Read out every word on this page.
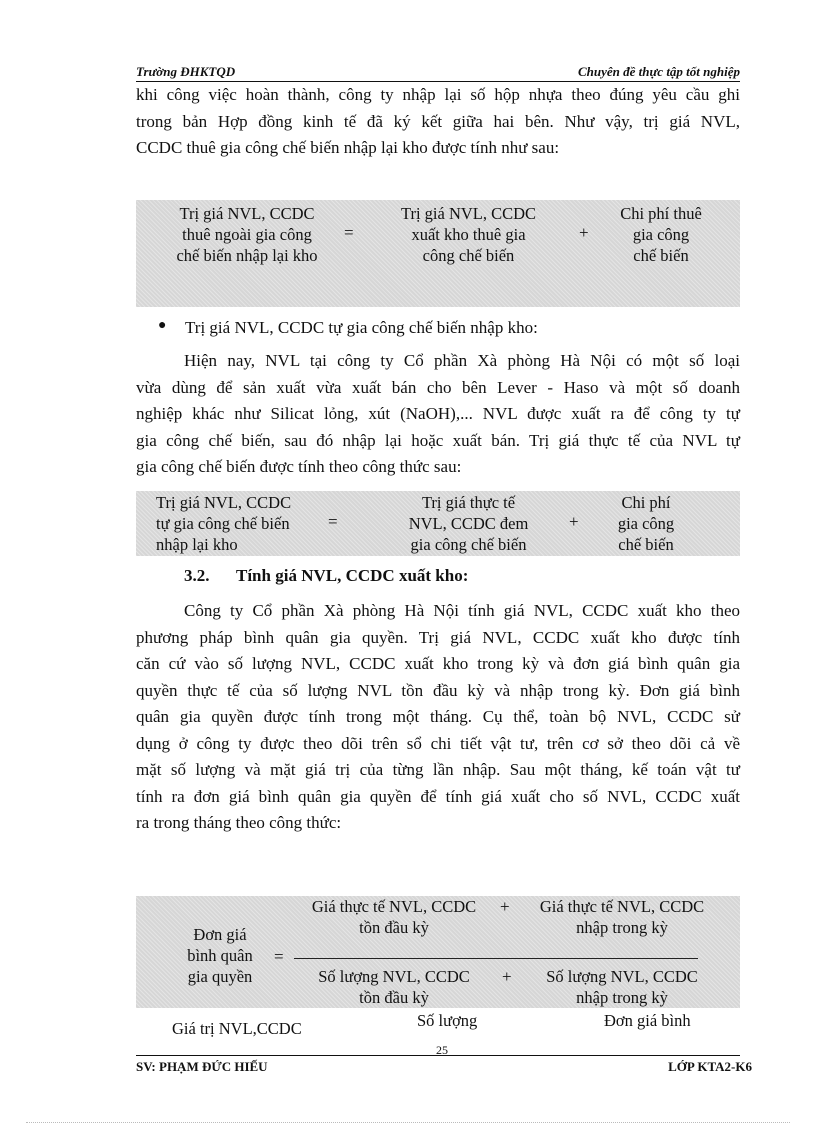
Trường ĐHKTQD	Chuyên đề thực tập tốt nghiệp
khi công việc hoàn thành, công ty nhập lại số hộp nhựa theo đúng yêu cầu ghi
trong bản Hợp đồng kinh tế đã ký kết giữa hai bên. Như vậy, trị giá NVL,
CCDC thuê gia công chế biến nhập lại kho được tính như sau:
Trị giá NVL, CCDC
thuê ngoài gia công
chế biến nhập lại kho
=
Trị giá NVL, CCDC
xuất kho thuê gia
công chế biến
+
Chi phí thuê
gia công
chế biến
● Trị giá NVL, CCDC tự gia công chế biến nhập kho:
Hiện nay, NVL tại công ty Cổ phần Xà phòng Hà Nội có một số loại
vừa dùng để sản xuất vừa xuất bán cho bên Lever - Haso và một số doanh
nghiệp khác như Silicat lỏng, xút (NaOH),... NVL được xuất ra để công ty tự
gia công chế biến, sau đó nhập lại hoặc xuất bán. Trị giá thực tế của NVL tự
gia công chế biến được tính theo công thức sau:
Trị giá NVL, CCDC
tự gia công chế biến
nhập lại kho
=
Trị giá thực tế
NVL, CCDC đem
gia công chế biến
+
Chi phí
gia công
chế biến
3.2. Tính giá NVL, CCDC xuất kho:
Công ty Cổ phần Xà phòng Hà Nội tính giá NVL, CCDC xuất kho theo
phương pháp bình quân gia quyền. Trị giá NVL, CCDC xuất kho được tính
căn cứ vào số lượng NVL, CCDC xuất kho trong kỳ và đơn giá bình quân gia
quyền thực tế của số lượng NVL tồn đầu kỳ và nhập trong kỳ. Đơn giá bình
quân gia quyền được tính trong một tháng. Cụ thể, toàn bộ NVL, CCDC sử
dụng ở công ty được theo dõi trên sổ chi tiết vật tư, trên cơ sở theo dõi cả về
mặt số lượng và mặt giá trị của từng lần nhập. Sau một tháng, kế toán vật tư
tính ra đơn giá bình quân gia quyền để tính giá xuất cho số NVL, CCDC xuất
ra trong tháng theo công thức:
Đơn giá
bình quân
gia quyền
=
Giá thực tế NVL, CCDC
tồn đầu kỳ
+	Giá thực tế NVL, CCDC
nhập trong kỳ
Số lượng NVL, CCDC
tồn đầu kỳ
+	Số lượng NVL, CCDC
nhập trong kỳ
Giá trị NVL,CCDC	Số lượng	Đơn giá bình
25
SV: PHẠM ĐỨC HIẾU	LỚP KTA2-K6
